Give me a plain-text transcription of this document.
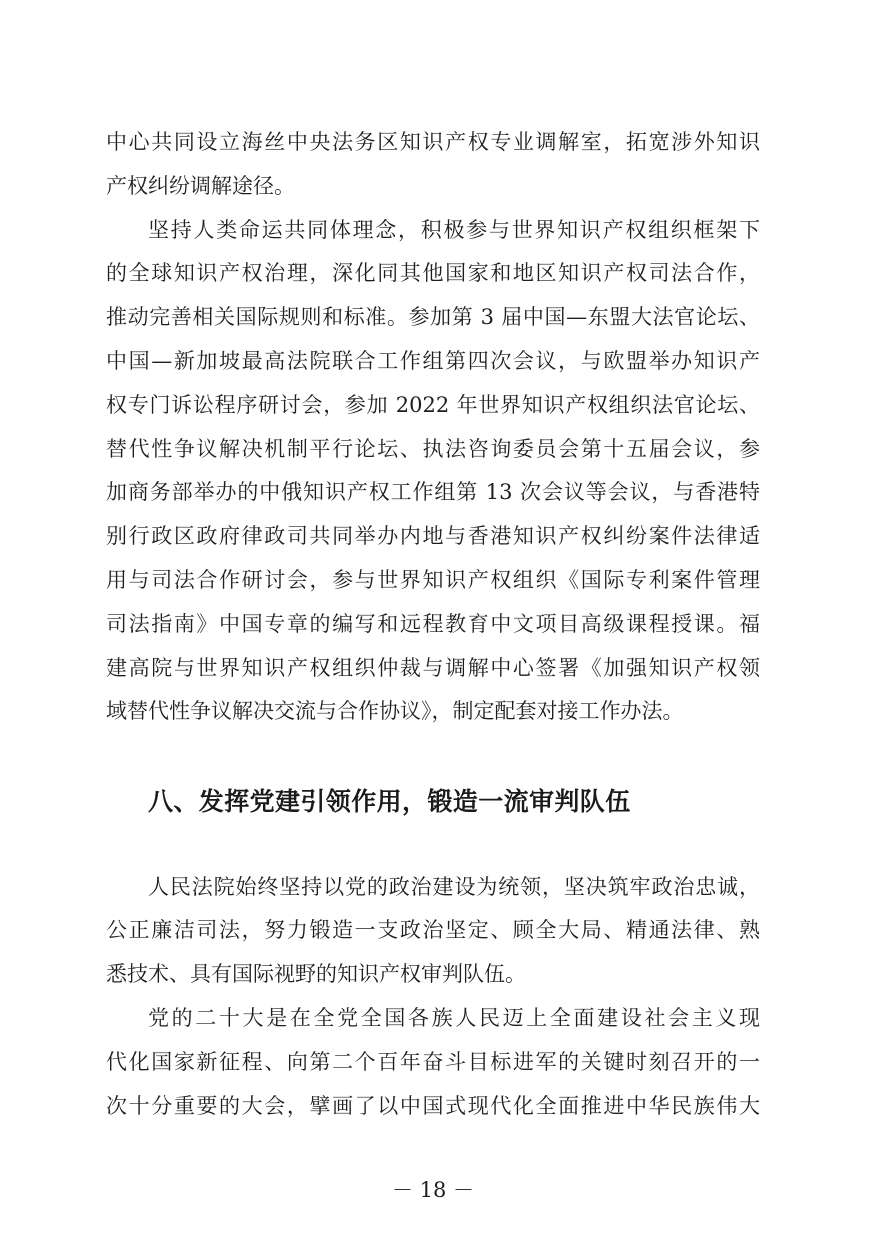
中心共同设立海丝中央法务区知识产权专业调解室，拓宽涉外知识
产权纠纷调解途径。
坚持人类命运共同体理念，积极参与世界知识产权组织框架下
的全球知识产权治理，深化同其他国家和地区知识产权司法合作，
推动完善相关国际规则和标准。参加第 3 届中国—东盟大法官论坛、
中国—新加坡最高法院联合工作组第四次会议，与欧盟举办知识产
权专门诉讼程序研讨会，参加 2022 年世界知识产权组织法官论坛、
替代性争议解决机制平行论坛、执法咨询委员会第十五届会议，参
加商务部举办的中俄知识产权工作组第 13 次会议等会议，与香港特
别行政区政府律政司共同举办内地与香港知识产权纠纷案件法律适
用与司法合作研讨会，参与世界知识产权组织《国际专利案件管理
司法指南》中国专章的编写和远程教育中文项目高级课程授课。福
建高院与世界知识产权组织仲裁与调解中心签署《加强知识产权领
域替代性争议解决交流与合作协议》，制定配套对接工作办法。
八、发挥党建引领作用，锻造一流审判队伍
人民法院始终坚持以党的政治建设为统领，坚决筑牢政治忠诚，
公正廉洁司法，努力锻造一支政治坚定、顾全大局、精通法律、熟
悉技术、具有国际视野的知识产权审判队伍。
党的二十大是在全党全国各族人民迈上全面建设社会主义现
代化国家新征程、向第二个百年奋斗目标进军的关键时刻召开的一
次十分重要的大会，擘画了以中国式现代化全面推进中华民族伟大
－ 18 －
